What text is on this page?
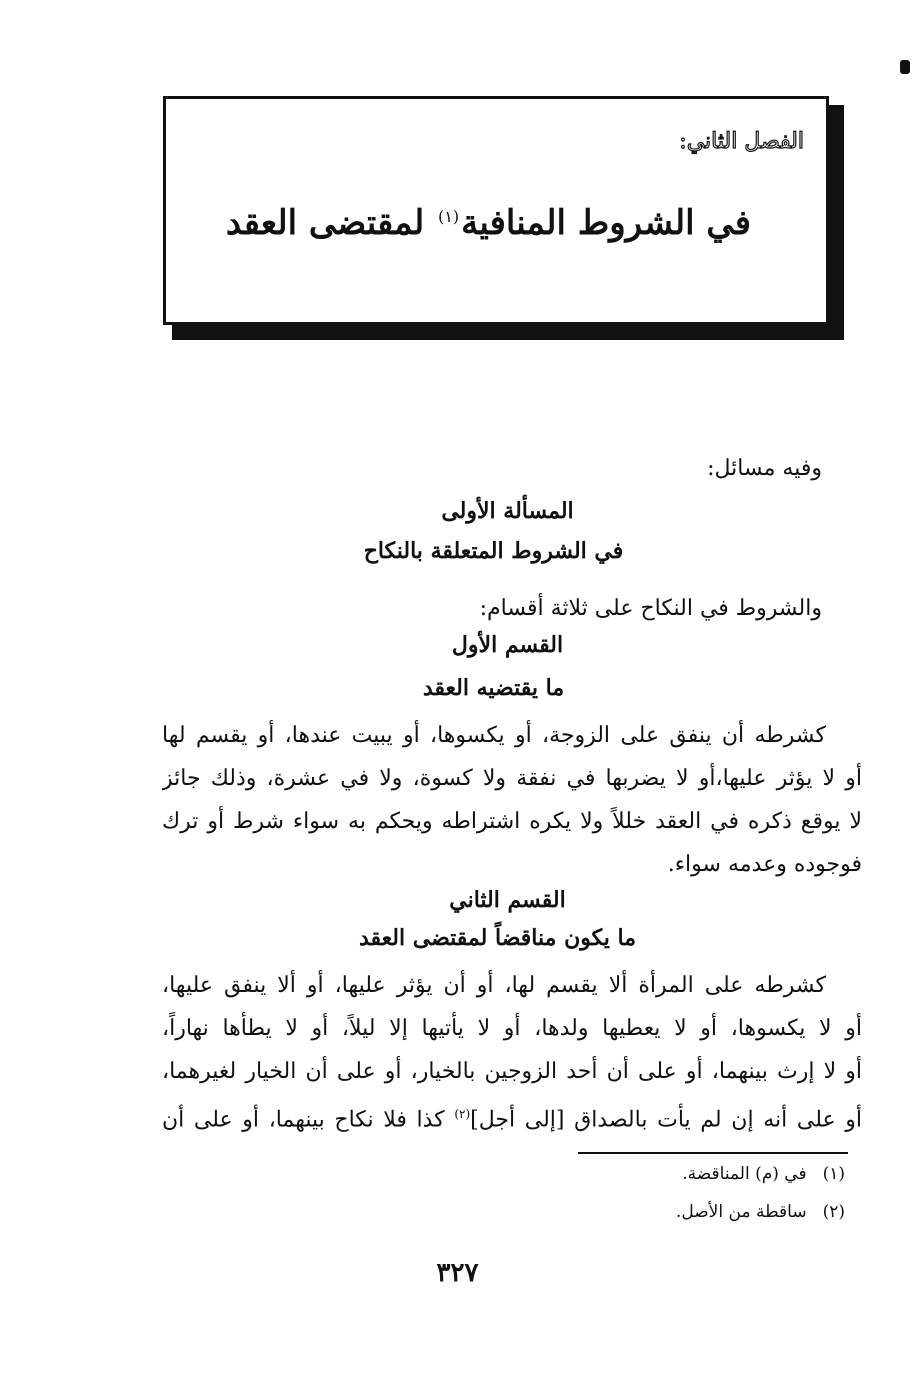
الفصل الثاني:
في الشروط المنافية$^{(١)}$ لمقتضى العقد
وفيه مسائل:
المسألة الأولى
في الشروط المتعلقة بالنكاح
والشروط في النكاح على ثلاثة أقسام:
القسم الأول
ما يقتضيه العقد
كشرطه أن ينفق على الزوجة، أو يكسوها، أو يبيت عندها، أو يقسم لها
أو لا يؤثر عليها،أو لا يضربها في نفقة ولا كسوة، ولا في عشرة، وذلك جائز
لا يوقع ذكره في العقد خللاً ولا يكره اشتراطه ويحكم به سواء شرط أو ترك
فوجوده وعدمه سواء.
القسم الثاني
ما يكون مناقضاً لمقتضى العقد
كشرطه على المرأة ألا يقسم لها، أو أن يؤثر عليها، أو ألا ينفق عليها،
أو لا يكسوها، أو لا يعطيها ولدها، أو لا يأتيها إلا ليلاً، أو لا يطأها نهاراً،
أو لا إرث بينهما، أو على أن أحد الزوجين بالخيار، أو على أن الخيار لغيرهما،
أو على أنه إن لم يأت بالصداق [إلى أجل]$^{(٢)}$ كذا فلا نكاح بينهما، أو على أن
(١)في (م) المناقضة.
(٢)ساقطة من الأصل.
٣٢٧
